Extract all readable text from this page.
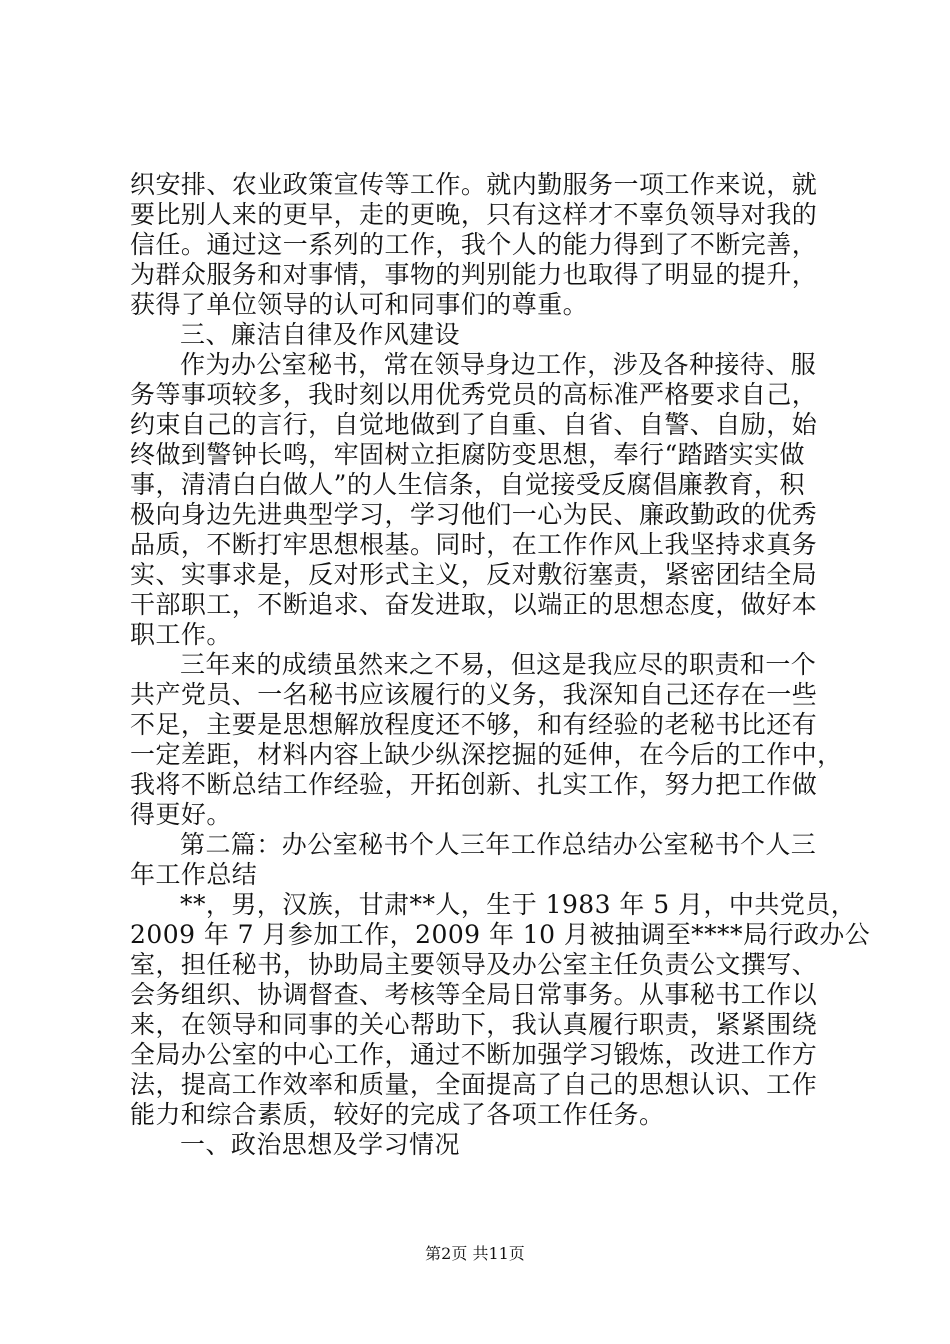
织安排、农业政策宣传等工作。就内勤服务一项工作来说，就
要比别人来的更早，走的更晚，只有这样才不辜负领导对我的
信任。通过这一系列的工作，我个人的能力得到了不断完善，
为群众服务和对事情，事物的判别能力也取得了明显的提升，
获得了单位领导的认可和同事们的尊重。
三、廉洁自律及作风建设
作为办公室秘书，常在领导身边工作，涉及各种接待、服
务等事项较多，我时刻以用优秀党员的高标准严格要求自己，
约束自己的言行，自觉地做到了自重、自省、自警、自励，始
终做到警钟长鸣，牢固树立拒腐防变思想，奉行“踏踏实实做
事，清清白白做人”的人生信条，自觉接受反腐倡廉教育，积
极向身边先进典型学习，学习他们一心为民、廉政勤政的优秀
品质，不断打牢思想根基。同时，在工作作风上我坚持求真务
实、实事求是，反对形式主义，反对敷衍塞责，紧密团结全局
干部职工，不断追求、奋发进取，以端正的思想态度，做好本
职工作。
三年来的成绩虽然来之不易，但这是我应尽的职责和一个
共产党员、一名秘书应该履行的义务，我深知自己还存在一些
不足，主要是思想解放程度还不够，和有经验的老秘书比还有
一定差距，材料内容上缺少纵深挖掘的延伸，在今后的工作中，
我将不断总结工作经验，开拓创新、扎实工作，努力把工作做
得更好。
第二篇：办公室秘书个人三年工作总结办公室秘书个人三
年工作总结
**，男，汉族，甘肃**人，生于 1983 年 5 月，中共党员，
2009 年 7 月参加工作，2009 年 10 月被抽调至****局行政办公
室，担任秘书，协助局主要领导及办公室主任负责公文撰写、
会务组织、协调督查、考核等全局日常事务。从事秘书工作以
来，在领导和同事的关心帮助下，我认真履行职责，紧紧围绕
全局办公室的中心工作，通过不断加强学习锻炼，改进工作方
法，提高工作效率和质量，全面提高了自己的思想认识、工作
能力和综合素质，较好的完成了各项工作任务。
一、政治思想及学习情况
第2页 共11页
